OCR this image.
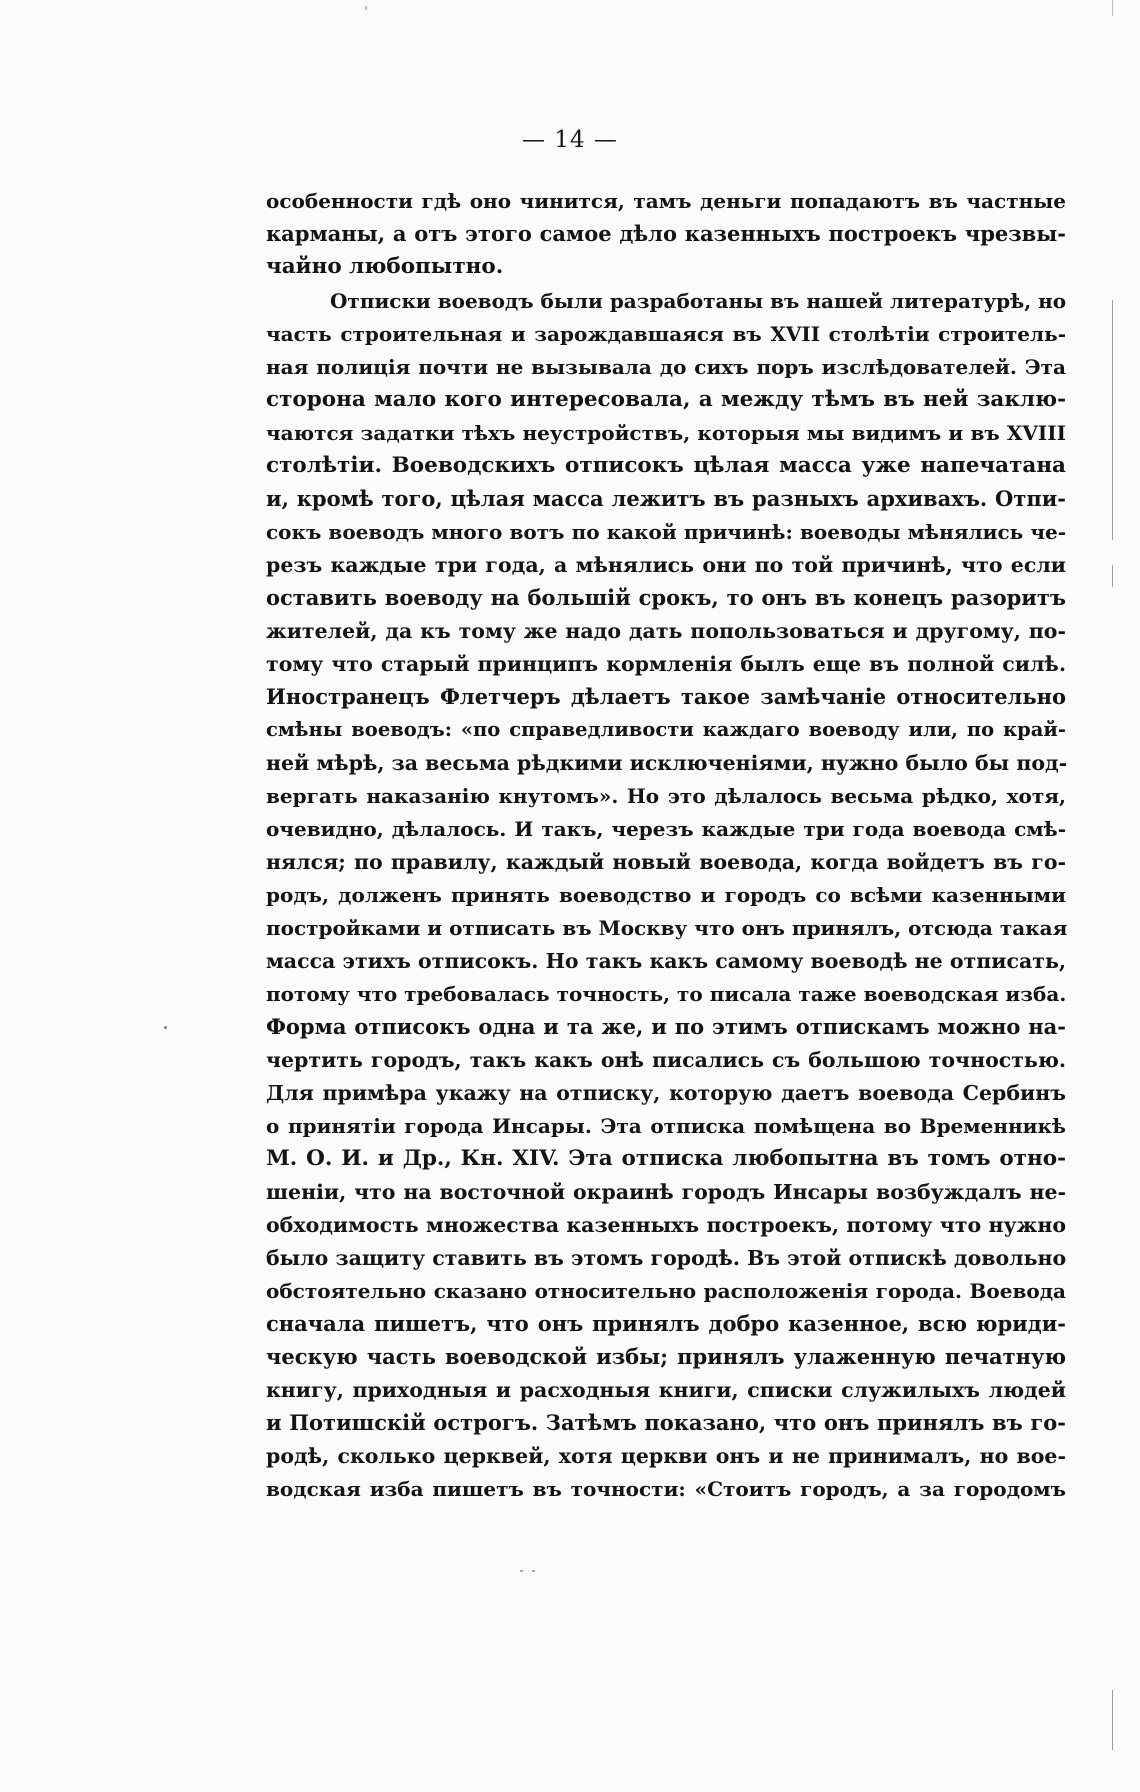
— 14 —
особенности гдѣ оно чинится, тамъ деньги попадаютъ въ частные
карманы, а отъ этого самое дѣло казенныхъ построекъ чрезвы-
чайно любопытно.
Отписки воеводъ были разработаны въ нашей литературѣ, но
часть строительная и зарождавшаяся въ XVII столѣтіи строитель-
ная полиція почти не вызывала до сихъ поръ изслѣдователей. Эта
сторона мало кого интересовала, а между тѣмъ въ ней заклю-
чаются задатки тѣхъ неустройствъ, которыя мы видимъ и въ XVIII
столѣтіи. Воеводскихъ отписокъ цѣлая масса уже напечатана
и, кромѣ того, цѣлая масса лежитъ въ разныхъ архивахъ. Отпи-
сокъ воеводъ много вотъ по какой причинѣ: воеводы мѣнялись че-
резъ каждые три года, а мѣнялись они по той причинѣ, что если
оставить воеводу на большій срокъ, то онъ въ конецъ разоритъ
жителей, да къ тому же надо дать попользоваться и другому, по-
тому что старый принципъ кормленія былъ еще въ полной силѣ.
Иностранецъ Флетчеръ дѣлаетъ такое замѣчаніе относительно
смѣны воеводъ: «по справедливости каждаго воеводу или, по край-
ней мѣрѣ, за весьма рѣдкими исключеніями, нужно было бы под-
вергать наказанію кнутомъ». Но это дѣлалось весьма рѣдко, хотя,
очевидно, дѣлалось. И такъ, черезъ каждые три года воевода смѣ-
нялся; по правилу, каждый новый воевода, когда войдетъ въ го-
родъ, долженъ принять воеводство и городъ со всѣми казенными
постройками и отписать въ Москву что онъ принялъ, отсюда такая
масса этихъ отписокъ. Но такъ какъ самому воеводѣ не отписать,
потому что требовалась точность, то писала таже воеводская изба.
Форма отписокъ одна и та же, и по этимъ отпискамъ можно на-
чертить городъ, такъ какъ онѣ писались съ большою точностью.
Для примѣра укажу на отписку, которую даетъ воевода Сербинъ
о принятіи города Инсары. Эта отписка помѣщена во Временникѣ
М. О. И. и Др., Кн. XIV. Эта отписка любопытна въ томъ отно-
шеніи, что на восточной окраинѣ городъ Инсары возбуждалъ не-
обходимость множества казенныхъ построекъ, потому что нужно
было защиту ставить въ этомъ городѣ. Въ этой отпискѣ довольно
обстоятельно сказано относительно расположенія города. Воевода
сначала пишетъ, что онъ принялъ добро казенное, всю юриди-
ческую часть воеводской избы; принялъ улаженную печатную
книгу, приходныя и расходныя книги, списки служилыхъ людей
и Потишскій острогъ. Затѣмъ показано, что онъ принялъ въ го-
родѣ, сколько церквей, хотя церкви онъ и не принималъ, но вое-
водская изба пишетъ въ точности: «Стоитъ городъ, а за городомъ
